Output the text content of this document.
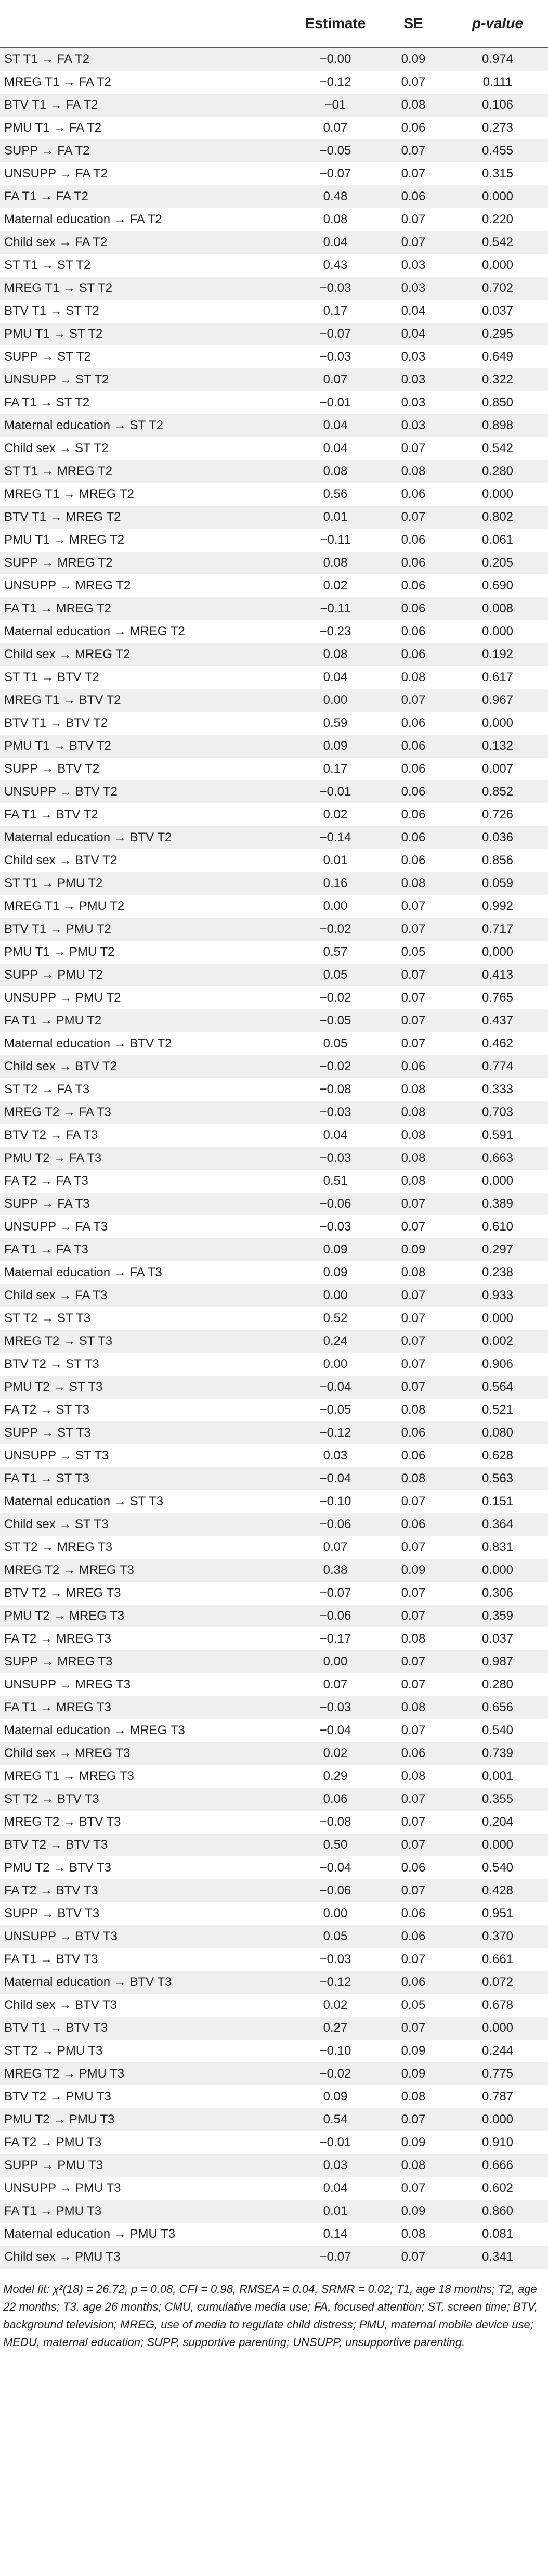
	Estimate	SE	p-value
ST T1 → FA T2	−0.00	0.09	0.974
MREG T1 → FA T2	−0.12	0.07	0.111
BTV T1 → FA T2	−01	0.08	0.106
PMU T1 → FA T2	0.07	0.06	0.273
SUPP → FA T2	−0.05	0.07	0.455
UNSUPP → FA T2	−0.07	0.07	0.315
FA T1 → FA T2	0.48	0.06	0.000
Maternal education → FA T2	0.08	0.07	0.220
Child sex → FA T2	0.04	0.07	0.542
ST T1 → ST T2	0.43	0.03	0.000
MREG T1 → ST T2	−0.03	0.03	0.702
BTV T1 → ST T2	0.17	0.04	0.037
PMU T1 → ST T2	−0.07	0.04	0.295
SUPP → ST T2	−0.03	0.03	0.649
UNSUPP → ST T2	0.07	0.03	0.322
FA T1 → ST T2	−0.01	0.03	0.850
Maternal education → ST T2	0.04	0.03	0.898
Child sex → ST T2	0.04	0.07	0.542
ST T1 → MREG T2	0.08	0.08	0.280
MREG T1 → MREG T2	0.56	0.06	0.000
BTV T1 → MREG T2	0.01	0.07	0.802
PMU T1 → MREG T2	−0.11	0.06	0.061
SUPP → MREG T2	0.08	0.06	0.205
UNSUPP → MREG T2	0.02	0.06	0.690
FA T1 → MREG T2	−0.11	0.06	0.008
Maternal education → MREG T2	−0.23	0.06	0.000
Child sex → MREG T2	0.08	0.06	0.192
ST T1 → BTV T2	0.04	0.08	0.617
MREG T1 → BTV T2	0.00	0.07	0.967
BTV T1 → BTV T2	0.59	0.06	0.000
PMU T1 → BTV T2	0.09	0.06	0.132
SUPP → BTV T2	0.17	0.06	0.007
UNSUPP → BTV T2	−0.01	0.06	0.852
FA T1 → BTV T2	0.02	0.06	0.726
Maternal education → BTV T2	−0.14	0.06	0.036
Child sex → BTV T2	0.01	0.06	0.856
ST T1 → PMU T2	0.16	0.08	0.059
MREG T1 → PMU T2	0.00	0.07	0.992
BTV T1 → PMU T2	−0.02	0.07	0.717
PMU T1 → PMU T2	0.57	0.05	0.000
SUPP → PMU T2	0.05	0.07	0.413
UNSUPP → PMU T2	−0.02	0.07	0.765
FA T1 → PMU T2	−0.05	0.07	0.437
Maternal education → BTV T2	0.05	0.07	0.462
Child sex → BTV T2	−0.02	0.06	0.774
ST T2 → FA T3	−0.08	0.08	0.333
MREG T2 → FA T3	−0.03	0.08	0.703
BTV T2 → FA T3	0.04	0.08	0.591
PMU T2 → FA T3	−0.03	0.08	0.663
FA T2 → FA T3	0.51	0.08	0.000
SUPP → FA T3	−0.06	0.07	0.389
UNSUPP → FA T3	−0.03	0.07	0.610
FA T1 → FA T3	0.09	0.09	0.297
Maternal education → FA T3	0.09	0.08	0.238
Child sex → FA T3	0.00	0.07	0.933
ST T2 → ST T3	0.52	0.07	0.000
MREG T2 → ST T3	0.24	0.07	0.002
BTV T2 → ST T3	0.00	0.07	0.906
PMU T2 → ST T3	−0.04	0.07	0.564
FA T2 → ST T3	−0.05	0.08	0.521
SUPP → ST T3	−0.12	0.06	0.080
UNSUPP → ST T3	0.03	0.06	0.628
FA T1 → ST T3	−0.04	0.08	0.563
Maternal education → ST T3	−0.10	0.07	0.151
Child sex → ST T3	−0.06	0.06	0.364
ST T2 → MREG T3	0.07	0.07	0.831
MREG T2 → MREG T3	0.38	0.09	0.000
BTV T2 → MREG T3	−0.07	0.07	0.306
PMU T2 → MREG T3	−0.06	0.07	0.359
FA T2 → MREG T3	−0.17	0.08	0.037
SUPP → MREG T3	0.00	0.07	0.987
UNSUPP → MREG T3	0.07	0.07	0.280
FA T1 → MREG T3	−0.03	0.08	0.656
Maternal education → MREG T3	−0.04	0.07	0.540
Child sex → MREG T3	0.02	0.06	0.739
MREG T1 → MREG T3	0.29	0.08	0.001
ST T2 → BTV T3	0.06	0.07	0.355
MREG T2 → BTV T3	−0.08	0.07	0.204
BTV T2 → BTV T3	0.50	0.07	0.000
PMU T2 → BTV T3	−0.04	0.06	0.540
FA T2 → BTV T3	−0.06	0.07	0.428
SUPP → BTV T3	0.00	0.06	0.951
UNSUPP → BTV T3	0.05	0.06	0.370
FA T1 → BTV T3	−0.03	0.07	0.661
Maternal education → BTV T3	−0.12	0.06	0.072
Child sex → BTV T3	0.02	0.05	0.678
BTV T1 → BTV T3	0.27	0.07	0.000
ST T2 → PMU T3	−0.10	0.09	0.244
MREG T2 → PMU T3	−0.02	0.09	0.775
BTV T2 → PMU T3	0.09	0.08	0.787
PMU T2 → PMU T3	0.54	0.07	0.000
FA T2 → PMU T3	−0.01	0.09	0.910
SUPP → PMU T3	0.03	0.08	0.666
UNSUPP → PMU T3	0.04	0.07	0.602
FA T1 → PMU T3	0.01	0.09	0.860
Maternal education → PMU T3	0.14	0.08	0.081
Child sex → PMU T3	−0.07	0.07	0.341
Model fit: χ²(18) = 26.72, p = 0.08, CFI = 0.98, RMSEA = 0.04, SRMR = 0.02; T1, age 18 months; T2, age 22 months; T3, age 26 months; CMU, cumulative media use; FA, focused attention; ST, screen time; BTV, background television; MREG, use of media to regulate child distress; PMU, maternal mobile device use; MEDU, maternal education; SUPP, supportive parenting; UNSUPP, unsupportive parenting.
